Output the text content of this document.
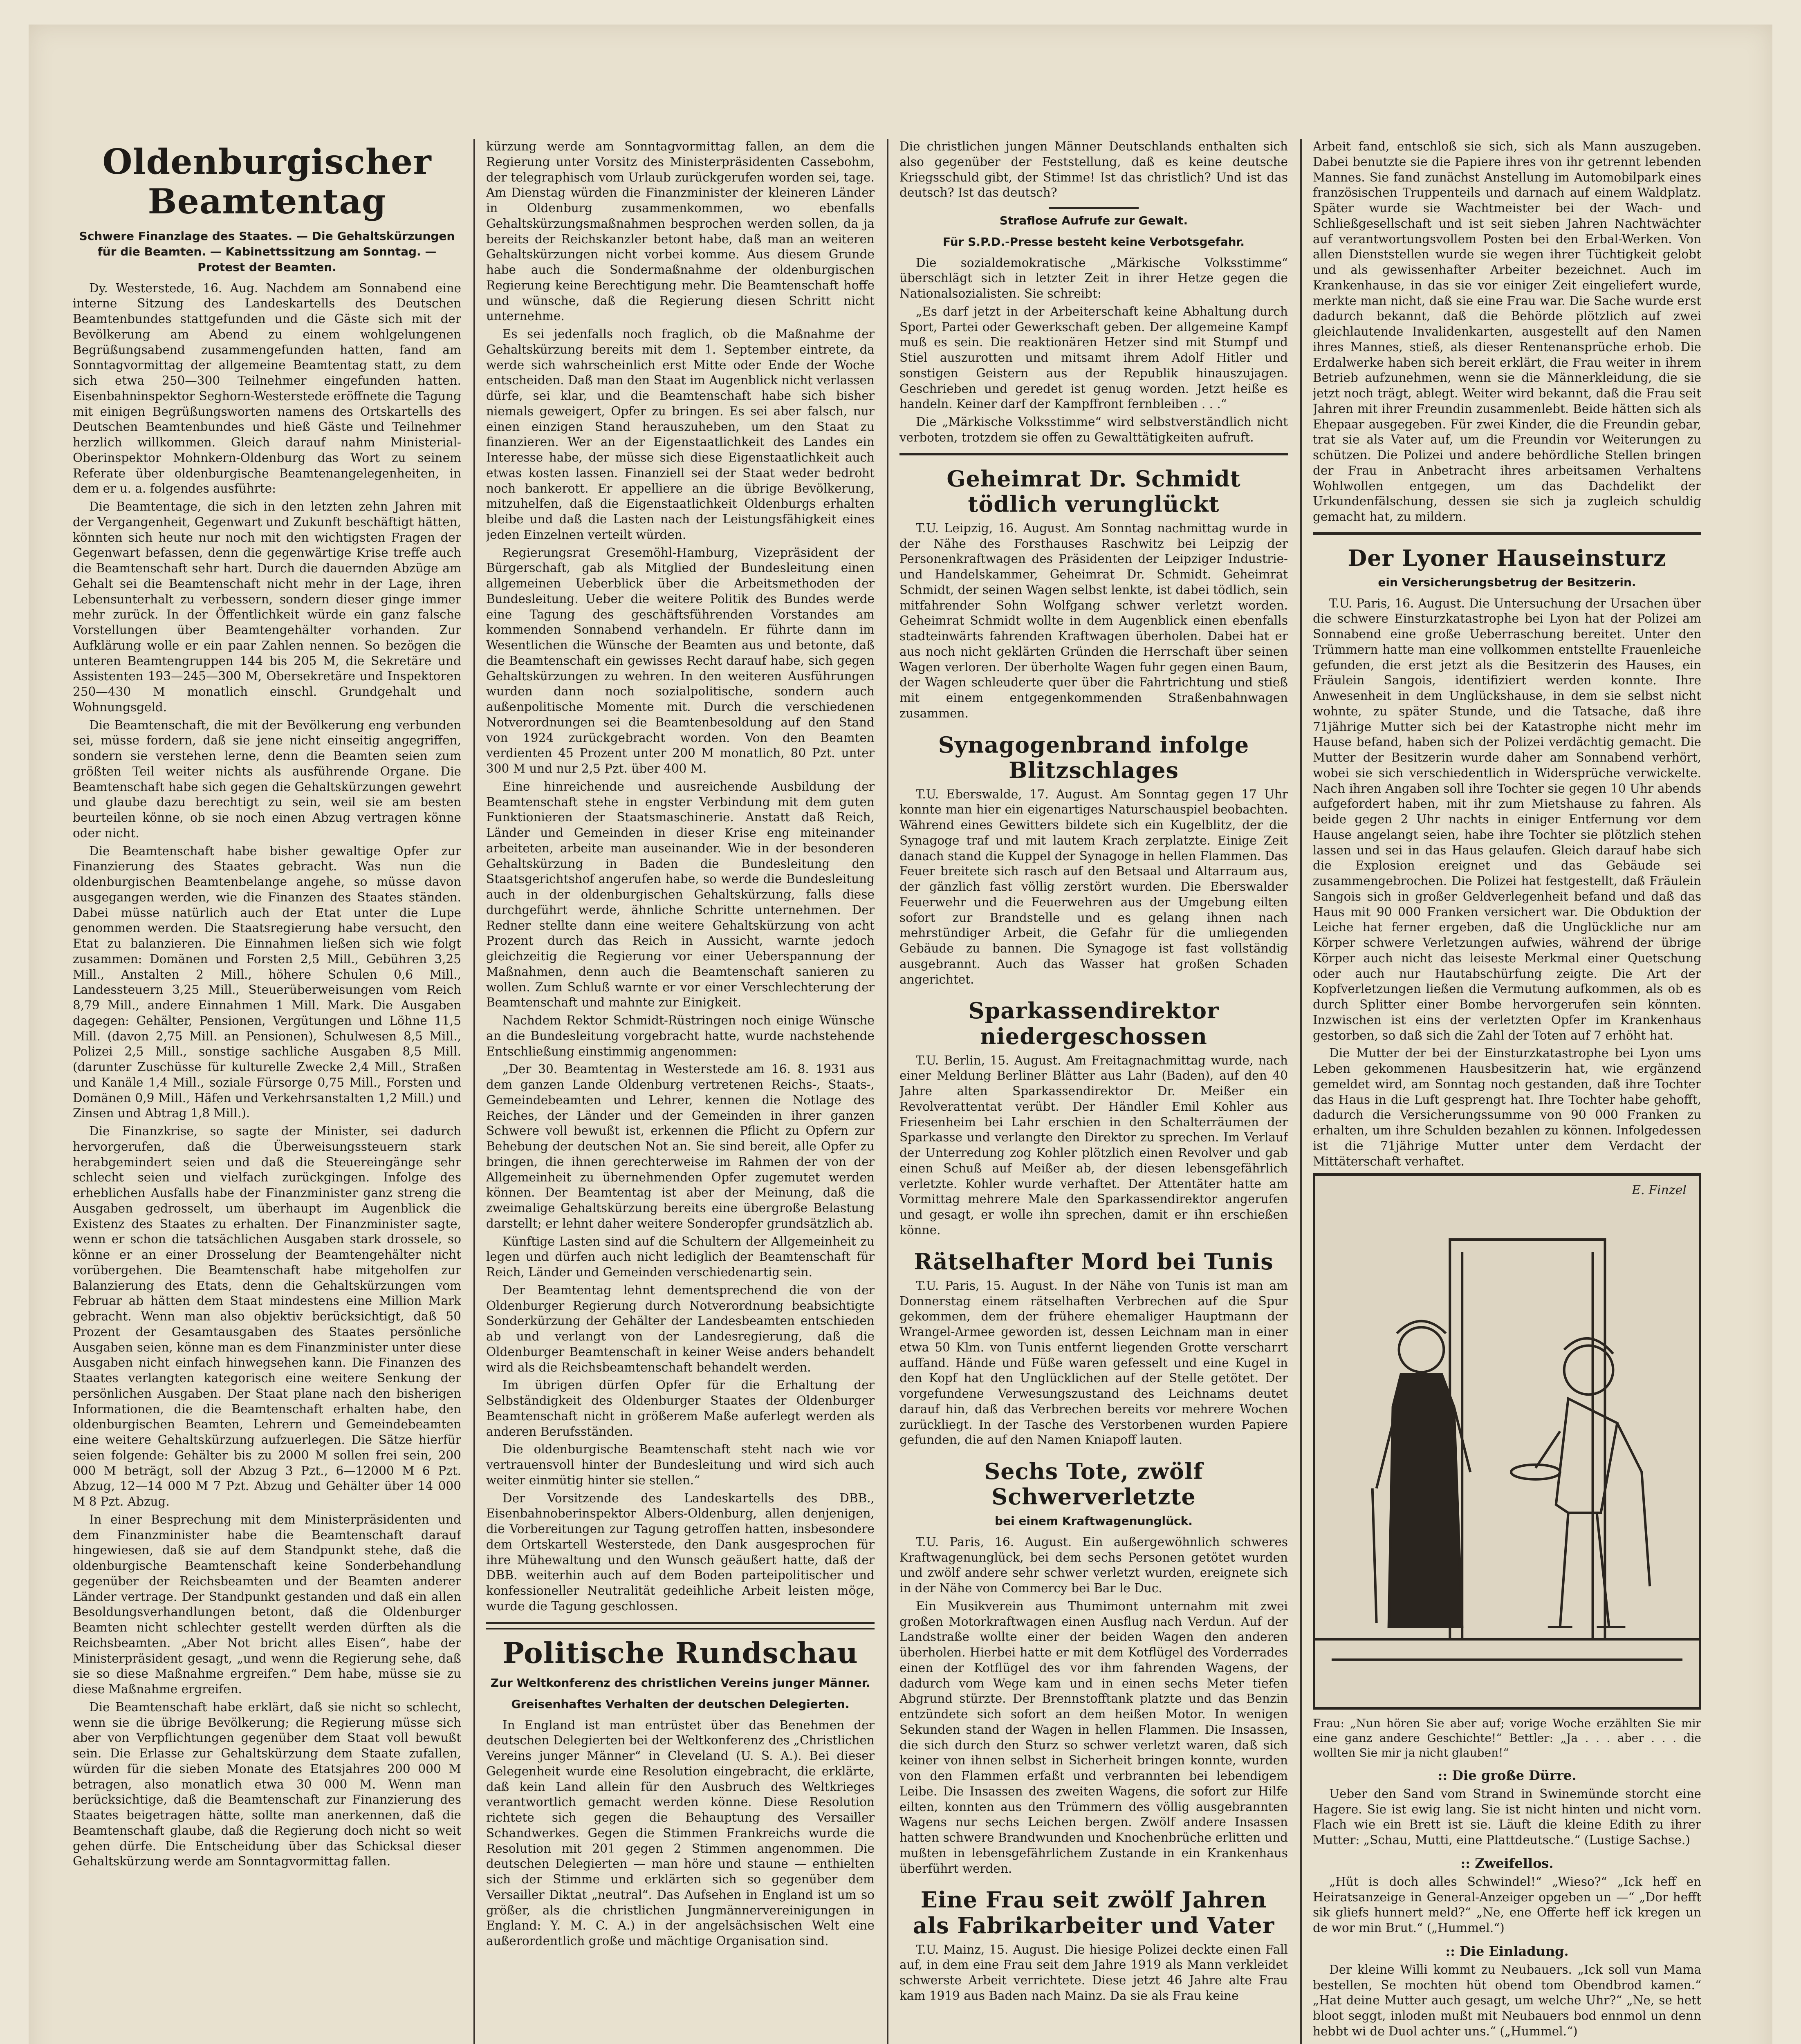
Oldenburgischer Beamtentag
Schwere Finanzlage des Staates. — Die Gehaltskürzungen für die Beamten. — Kabinettssitzung am Sonntag. — Protest der Beamten.

Dy. Westerstede, 16. Aug. Nachdem am Sonnabend eine interne Sitzung des Landeskartells des Deutschen Beamtenbundes stattgefunden und die Gäste sich mit der Bevölkerung am Abend zu einem wohlgelungenen Begrüßungsabend zusammengefunden hatten, fand am Sonntagvormittag der allgemeine Beamtentag statt, zu dem sich etwa 250—300 Teilnehmer eingefunden hatten. Eisenbahninspektor Seghorn-Westerstede eröffnete die Tagung mit einigen Begrüßungsworten namens des Ortskartells des Deutschen Beamtenbundes und hieß Gäste und Teilnehmer herzlich willkommen. Gleich darauf nahm Ministerial-Oberinspektor Mohnkern-Oldenburg das Wort zu seinem Referate über oldenburgische Beamtenangelegenheiten, in dem er u. a. folgendes ausführte:

Die Beamtentage, die sich in den letzten zehn Jahren mit der Vergangenheit, Gegenwart und Zukunft beschäftigt hätten, könnten sich heute nur noch mit den wichtigsten Fragen der Gegenwart befassen, denn die gegenwärtige Krise treffe auch die Beamtenschaft sehr hart. Durch die dauernden Abzüge am Gehalt sei die Beamtenschaft nicht mehr in der Lage, ihren Lebensunterhalt zu verbessern, sondern dieser ginge immer mehr zurück. In der Öffentlichkeit würde ein ganz falsche Vorstellungen über Beamtengehälter vorhanden. Zur Aufklärung wolle er ein paar Zahlen nennen. So bezögen die unteren Beamtengruppen 144 bis 205 M, die Sekretäre und Assistenten 193—245—300 M, Obersekretäre und Inspektoren 250—430 M monatlich einschl. Grundgehalt und Wohnungsgeld.

Die Beamtenschaft, die mit der Bevölkerung eng verbunden sei, müsse fordern, daß sie jene nicht einseitig angegriffen, sondern sie verstehen lerne, denn die Beamten seien zum größten Teil weiter nichts als ausführende Organe. Die Beamtenschaft habe sich gegen die Gehaltskürzungen gewehrt und glaube dazu berechtigt zu sein, weil sie am besten beurteilen könne, ob sie noch einen Abzug vertragen könne oder nicht.

Die Beamtenschaft habe bisher gewaltige Opfer zur Finanzierung des Staates gebracht. Was nun die oldenburgischen Beamtenbelange angehe, so müsse davon ausgegangen werden, wie die Finanzen des Staates ständen. Dabei müsse natürlich auch der Etat unter die Lupe genommen werden. Die Staatsregierung habe versucht, den Etat zu balanzieren. Die Einnahmen ließen sich wie folgt zusammen: Domänen und Forsten 2,5 Mill., Gebühren 3,25 Mill., Anstalten 2 Mill., höhere Schulen 0,6 Mill., Landessteuern 3,25 Mill., Steuerüberweisungen vom Reich 8,79 Mill., andere Einnahmen 1 Mill. Mark. Die Ausgaben dagegen: Gehälter, Pensionen, Vergütungen und Löhne 11,5 Mill. (davon 2,75 Mill. an Pensionen), Schulwesen 8,5 Mill., Polizei 2,5 Mill., sonstige sachliche Ausgaben 8,5 Mill. (darunter Zuschüsse für kulturelle Zwecke 2,4 Mill., Straßen und Kanäle 1,4 Mill., soziale Fürsorge 0,75 Mill., Forsten und Domänen 0,9 Mill., Häfen und Verkehrsanstalten 1,2 Mill.) und Zinsen und Abtrag 1,8 Mill.).

Die Finanzkrise, so sagte der Minister, sei dadurch hervorgerufen, daß die Überweisungssteuern stark herabgemindert seien und daß die Steuereingänge sehr schlecht seien und vielfach zurückgingen. Infolge des erheblichen Ausfalls habe der Finanzminister ganz streng die Ausgaben gedrosselt, um überhaupt im Augenblick die Existenz des Staates zu erhalten. Der Finanzminister sagte, wenn er schon die tatsächlichen Ausgaben stark drossele, so könne er an einer Drosselung der Beamtengehälter nicht vorübergehen. Die Beamtenschaft habe mitgeholfen zur Balanzierung des Etats, denn die Gehaltskürzungen vom Februar ab hätten dem Staat mindestens eine Million Mark gebracht. Wenn man also objektiv berücksichtigt, daß 50 Prozent der Gesamtausgaben des Staates persönliche Ausgaben seien, könne man es dem Finanzminister unter diese Ausgaben nicht einfach hinwegsehen kann. Die Finanzen des Staates verlangten kategorisch eine weitere Senkung der persönlichen Ausgaben. Der Staat plane nach den bisherigen Informationen, die die Beamtenschaft erhalten habe, den oldenburgischen Beamten, Lehrern und Gemeindebeamten eine weitere Gehaltskürzung aufzuerlegen. Die Sätze hierfür seien folgende: Gehälter bis zu 2000 M sollen frei sein, 200 000 M beträgt, soll der Abzug 3 Pzt., 6—12000 M 6 Pzt. Abzug, 12—14 000 M 7 Pzt. Abzug und Gehälter über 14 000 M 8 Pzt. Abzug.

In einer Besprechung mit dem Ministerpräsidenten und dem Finanzminister habe die Beamtenschaft darauf hingewiesen, daß sie auf dem Standpunkt stehe, daß die oldenburgische Beamtenschaft keine Sonderbehandlung gegenüber der Reichsbeamten und der Beamten anderer Länder vertrage. Der Standpunkt gestanden und daß ein allen Besoldungsverhandlungen betont, daß die Oldenburger Beamten nicht schlechter gestellt werden dürften als die Reichsbeamten. „Aber Not bricht alles Eisen“, habe der Ministerpräsident gesagt, „und wenn die Regierung sehe, daß sie so diese Maßnahme ergreifen.“ Dem habe, müsse sie zu diese Maßnahme ergreifen.

Die Beamtenschaft habe erklärt, daß sie nicht so schlecht, wenn sie die übrige Bevölkerung; die Regierung müsse sich aber von Verpflichtungen gegenüber dem Staat voll bewußt sein. Die Erlasse zur Gehaltskürzung dem Staate zufallen, würden für die sieben Monate des Etatsjahres 200 000 M betragen, also monatlich etwa 30 000 M. Wenn man berücksichtige, daß die Beamtenschaft zur Finanzierung des Staates beigetragen hätte, sollte man anerkennen, daß die Beamtenschaft glaube, daß die Regierung doch nicht so weit gehen dürfe. Die Entscheidung über das Schicksal dieser Gehaltskürzung werde am Sonntagvormittag fallen.

kürzung werde am Sonntagvormittag fallen, an dem die Regierung unter Vorsitz des Ministerpräsidenten Cassebohm, der telegraphisch vom Urlaub zurückgerufen worden sei, tage. Am Dienstag würden die Finanzminister der kleineren Länder in Oldenburg zusammenkommen, wo ebenfalls Gehaltskürzungsmaßnahmen besprochen werden sollen, da ja bereits der Reichskanzler betont habe, daß man an weiteren Gehaltskürzungen nicht vorbei komme. Aus diesem Grunde habe auch die Sondermaßnahme der oldenburgischen Regierung keine Berechtigung mehr. Die Beamtenschaft hoffe und wünsche, daß die Regierung diesen Schritt nicht unternehme.

Es sei jedenfalls noch fraglich, ob die Maßnahme der Gehaltskürzung bereits mit dem 1. September eintrete, da werde sich wahrscheinlich erst Mitte oder Ende der Woche entscheiden. Daß man den Staat im Augenblick nicht verlassen dürfe, sei klar, und die Beamtenschaft habe sich bisher niemals geweigert, Opfer zu bringen. Es sei aber falsch, nur einen einzigen Stand herauszuheben, um den Staat zu finanzieren. Wer an der Eigenstaatlichkeit des Landes ein Interesse habe, der müsse sich diese Eigenstaatlichkeit auch etwas kosten lassen. Finanziell sei der Staat weder bedroht noch bankerott. Er appelliere an die übrige Bevölkerung, mitzuhelfen, daß die Eigenstaatlichkeit Oldenburgs erhalten bleibe und daß die Lasten nach der Leistungsfähigkeit eines jeden Einzelnen verteilt würden.

Regierungsrat Gresemöhl-Hamburg, Vizepräsident der Bürgerschaft, gab als Mitglied der Bundesleitung einen allgemeinen Ueberblick über die Arbeitsmethoden der Bundesleitung. Ueber die weitere Politik des Bundes werde eine Tagung des geschäftsführenden Vorstandes am kommenden Sonnabend verhandeln. Er führte dann im Wesentlichen die Wünsche der Beamten aus und betonte, daß die Beamtenschaft ein gewisses Recht darauf habe, sich gegen Gehaltskürzungen zu wehren. In den weiteren Ausführungen wurden dann noch sozialpolitische, sondern auch außenpolitische Momente mit. Durch die verschiedenen Notverordnungen sei die Beamtenbesoldung auf den Stand von 1924 zurückgebracht worden. Von den Beamten verdienten 45 Prozent unter 200 M monatlich, 80 Pzt. unter 300 M und nur 2,5 Pzt. über 400 M.

Eine hinreichende und ausreichende Ausbildung der Beamtenschaft stehe in engster Verbindung mit dem guten Funktionieren der Staatsmaschinerie. Anstatt daß Reich, Länder und Gemeinden in dieser Krise eng miteinander arbeiteten, arbeite man auseinander. Wie in der besonderen Gehaltskürzung in Baden die Bundesleitung den Staatsgerichtshof angerufen habe, so werde die Bundesleitung auch in der oldenburgischen Gehaltskürzung, falls diese durchgeführt werde, ähnliche Schritte unternehmen. Der Redner stellte dann eine weitere Gehaltskürzung von acht Prozent durch das Reich in Aussicht, warnte jedoch gleichzeitig die Regierung vor einer Ueberspannung der Maßnahmen, denn auch die Beamtenschaft sanieren zu wollen. Zum Schluß warnte er vor einer Verschlechterung der Beamtenschaft und mahnte zur Einigkeit.

Nachdem Rektor Schmidt-Rüstringen noch einige Wünsche an die Bundesleitung vorgebracht hatte, wurde nachstehende Entschließung einstimmig angenommen:

„Der 30. Beamtentag in Westerstede am 16. 8. 1931 aus dem ganzen Lande Oldenburg vertretenen Reichs-, Staats-, Gemeindebeamten und Lehrer, kennen die Notlage des Reiches, der Länder und der Gemeinden in ihrer ganzen Schwere voll bewußt ist, erkennen die Pflicht zu Opfern zur Behebung der deutschen Not an. Sie sind bereit, alle Opfer zu bringen, die ihnen gerechterweise im Rahmen der von der Allgemeinheit zu übernehmenden Opfer zugemutet werden können. Der Beamtentag ist aber der Meinung, daß die zweimalige Gehaltskürzung bereits eine übergroße Belastung darstellt; er lehnt daher weitere Sonderopfer grundsätzlich ab.

Künftige Lasten sind auf die Schultern der Allgemeinheit zu legen und dürfen auch nicht lediglich der Beamtenschaft für Reich, Länder und Gemeinden verschiedenartig sein.

Der Beamtentag lehnt dementsprechend die von der Oldenburger Regierung durch Notverordnung beabsichtigte Sonderkürzung der Gehälter der Landesbeamten entschieden ab und verlangt von der Landesregierung, daß die Oldenburger Beamtenschaft in keiner Weise anders behandelt wird als die Reichsbeamtenschaft behandelt werden.

Im übrigen dürfen Opfer für die Erhaltung der Selbständigkeit des Oldenburger Staates der Oldenburger Beamtenschaft nicht in größerem Maße auferlegt werden als anderen Berufsständen.

Die oldenburgische Beamtenschaft steht nach wie vor vertrauensvoll hinter der Bundesleitung und wird sich auch weiter einmütig hinter sie stellen.“

Der Vorsitzende des Landeskartells des DBB., Eisenbahnoberinspektor Albers-Oldenburg, allen denjenigen, die Vorbereitungen zur Tagung getroffen hatten, insbesondere dem Ortskartell Westerstede, den Dank ausgesprochen für ihre Mühewaltung und den Wunsch geäußert hatte, daß der DBB. weiterhin auch auf dem Boden parteipolitischer und konfessioneller Neutralität gedeihliche Arbeit leisten möge, wurde die Tagung geschlossen.

Politische Rundschau
Zur Weltkonferenz des christlichen Vereins junger Männer.
Greisenhaftes Verhalten der deutschen Delegierten.

In England ist man entrüstet über das Benehmen der deutschen Delegierten bei der Weltkonferenz des „Christlichen Vereins junger Männer“ in Cleveland (U. S. A.). Bei dieser Gelegenheit wurde eine Resolution eingebracht, die erklärte, daß kein Land allein für den Ausbruch des Weltkrieges verantwortlich gemacht werden könne. Diese Resolution richtete sich gegen die Behauptung des Versailler Schandwerkes. Gegen die Stimmen Frankreichs wurde die Resolution mit 201 gegen 2 Stimmen angenommen. Die deutschen Delegierten — man höre und staune — enthielten sich der Stimme und erklärten sich so gegenüber dem Versailler Diktat „neutral“. Das Aufsehen in England ist um so größer, als die christlichen Jungmännervereinigungen in England: Y. M. C. A.) in der angelsächsischen Welt eine außerordentlich große und mächtige Organisation sind.

Die christlichen jungen Männer Deutschlands enthalten sich also gegenüber der Feststellung, daß es keine deutsche Kriegsschuld gibt, der Stimme! Ist das christlich? Und ist das deutsch? Ist das deutsch?

Straflose Aufrufe zur Gewalt.
Für S.P.D.-Presse besteht keine Verbotsgefahr.

Die sozialdemokratische „Märkische Volksstimme“ überschlägt sich in letzter Zeit in ihrer Hetze gegen die Nationalsozialisten. Sie schreibt:

„Es darf jetzt in der Arbeiterschaft keine Abhaltung durch Sport, Partei oder Gewerkschaft geben. Der allgemeine Kampf muß es sein. Die reaktionären Hetzer sind mit Stumpf und Stiel auszurotten und mitsamt ihrem Adolf Hitler und sonstigen Geistern aus der Republik hinauszujagen. Geschrieben und geredet ist genug worden. Jetzt heiße es handeln. Keiner darf der Kampffront fernbleiben . . .“

Die „Märkische Volksstimme“ wird selbstverständlich nicht verboten, trotzdem sie offen zu Gewalttätigkeiten aufruft.

Geheimrat Dr. Schmidt tödlich verunglückt

T.U. Leipzig, 16. August. Am Sonntag nachmittag wurde in der Nähe des Forsthauses Raschwitz bei Leipzig der Personenkraftwagen des Präsidenten der Leipziger Industrie- und Handelskammer, Geheimrat Dr. Schmidt. Geheimrat Schmidt, der seinen Wagen selbst lenkte, ist dabei tödlich, sein mitfahrender Sohn Wolfgang schwer verletzt worden. Geheimrat Schmidt wollte in dem Augenblick einen ebenfalls stadteinwärts fahrenden Kraftwagen überholen. Dabei hat er aus noch nicht geklärten Gründen die Herrschaft über seinen Wagen verloren. Der überholte Wagen fuhr gegen einen Baum, der Wagen schleuderte quer über die Fahrtrichtung und stieß mit einem entgegenkommenden Straßenbahnwagen zusammen.

Synagogenbrand infolge Blitzschlages

T.U. Eberswalde, 17. August. Am Sonntag gegen 17 Uhr konnte man hier ein eigenartiges Naturschauspiel beobachten. Während eines Gewitters bildete sich ein Kugelblitz, der die Synagoge traf und mit lautem Krach zerplatzte. Einige Zeit danach stand die Kuppel der Synagoge in hellen Flammen. Das Feuer breitete sich rasch auf den Betsaal und Altarraum aus, der gänzlich fast völlig zerstört wurden. Die Eberswalder Feuerwehr und die Feuerwehren aus der Umgebung eilten sofort zur Brandstelle und es gelang ihnen nach mehrstündiger Arbeit, die Gefahr für die umliegenden Gebäude zu bannen. Die Synagoge ist fast vollständig ausgebrannt. Auch das Wasser hat großen Schaden angerichtet.

Sparkassendirektor niedergeschossen

T.U. Berlin, 15. August. Am Freitagnachmittag wurde, nach einer Meldung Berliner Blätter aus Lahr (Baden), auf den 40 Jahre alten Sparkassendirektor Dr. Meißer ein Revolverattentat verübt. Der Händler Emil Kohler aus Friesenheim bei Lahr erschien in den Schalterräumen der Sparkasse und verlangte den Direktor zu sprechen. Im Verlauf der Unterredung zog Kohler plötzlich einen Revolver und gab einen Schuß auf Meißer ab, der diesen lebensgefährlich verletzte. Kohler wurde verhaftet. Der Attentäter hatte am Vormittag mehrere Male den Sparkassendirektor angerufen und gesagt, er wolle ihn sprechen, damit er ihn erschießen könne.

Rätselhafter Mord bei Tunis

T.U. Paris, 15. August. In der Nähe von Tunis ist man am Donnerstag einem rätselhaften Verbrechen auf die Spur gekommen, dem der frühere ehemaliger Hauptmann der Wrangel-Armee geworden ist, dessen Leichnam man in einer etwa 50 Klm. von Tunis entfernt liegenden Grotte verscharrt auffand. Hände und Füße waren gefesselt und eine Kugel in den Kopf hat den Unglücklichen auf der Stelle getötet. Der vorgefundene Verwesungszustand des Leichnams deutet darauf hin, daß das Verbrechen bereits vor mehrere Wochen zurückliegt. In der Tasche des Verstorbenen wurden Papiere gefunden, die auf den Namen Kniapoff lauten.

Sechs Tote, zwölf Schwerverletzte
bei einem Kraftwagenunglück.

T.U. Paris, 16. August. Ein außergewöhnlich schweres Kraftwagenunglück, bei dem sechs Personen getötet wurden und zwölf andere sehr schwer verletzt wurden, ereignete sich in der Nähe von Commercy bei Bar le Duc.

Ein Musikverein aus Thumimont unternahm mit zwei großen Motorkraftwagen einen Ausflug nach Verdun. Auf der Landstraße wollte einer der beiden Wagen den anderen überholen. Hierbei hatte er mit dem Kotflügel des Vorderrades einen der Kotflügel des vor ihm fahrenden Wagens, der dadurch vom Wege kam und in einen sechs Meter tiefen Abgrund stürzte. Der Brennstofftank platzte und das Benzin entzündete sich sofort an dem heißen Motor. In wenigen Sekunden stand der Wagen in hellen Flammen. Die Insassen, die sich durch den Sturz so schwer verletzt waren, daß sich keiner von ihnen selbst in Sicherheit bringen konnte, wurden von den Flammen erfaßt und verbrannten bei lebendigem Leibe. Die Insassen des zweiten Wagens, die sofort zur Hilfe eilten, konnten aus den Trümmern des völlig ausgebrannten Wagens nur sechs Leichen bergen. Zwölf andere Insassen hatten schwere Brandwunden und Knochenbrüche erlitten und mußten in lebensgefährlichem Zustande in ein Krankenhaus überführt werden.

Eine Frau seit zwölf Jahren als Fabrikarbeiter und Vater

T.U. Mainz, 15. August. Die hiesige Polizei deckte einen Fall auf, in dem eine Frau seit dem Jahre 1919 als Mann verkleidet schwerste Arbeit verrichtete. Diese jetzt 46 Jahre alte Frau kam 1919 aus Baden nach Mainz. Da sie als Frau keine

Arbeit fand, entschloß sie sich, sich als Mann auszugeben. Dabei benutzte sie die Papiere ihres von ihr getrennt lebenden Mannes. Sie fand zunächst Anstellung im Automobilpark eines französischen Truppenteils und darnach auf einem Waldplatz. Später wurde sie Wachtmeister bei der Wach- und Schließgesellschaft und ist seit sieben Jahren Nachtwächter auf verantwortungsvollem Posten bei den Erbal-Werken. Von allen Dienststellen wurde sie wegen ihrer Tüchtigkeit gelobt und als gewissenhafter Arbeiter bezeichnet. Auch im Krankenhause, in das sie vor einiger Zeit eingeliefert wurde, merkte man nicht, daß sie eine Frau war. Die Sache wurde erst dadurch bekannt, daß die Behörde plötzlich auf zwei gleichlautende Invalidenkarten, ausgestellt auf den Namen ihres Mannes, stieß, als dieser Rentenansprüche erhob. Die Erdalwerke haben sich bereit erklärt, die Frau weiter in ihrem Betrieb aufzunehmen, wenn sie die Männerkleidung, die sie jetzt noch trägt, ablegt. Weiter wird bekannt, daß die Frau seit Jahren mit ihrer Freundin zusammenlebt. Beide hätten sich als Ehepaar ausgegeben. Für zwei Kinder, die die Freundin gebar, trat sie als Vater auf, um die Freundin vor Weiterungen zu schützen. Die Polizei und andere behördliche Stellen bringen der Frau in Anbetracht ihres arbeitsamen Verhaltens Wohlwollen entgegen, um das Dachdelikt der Urkundenfälschung, dessen sie sich ja zugleich schuldig gemacht hat, zu mildern.

Der Lyoner Hauseinsturz
ein Versicherungsbetrug der Besitzerin.

T.U. Paris, 16. August. Die Untersuchung der Ursachen über die schwere Einsturzkatastrophe bei Lyon hat der Polizei am Sonnabend eine große Ueberraschung bereitet. Unter den Trümmern hatte man eine vollkommen entstellte Frauenleiche gefunden, die erst jetzt als die Besitzerin des Hauses, ein Fräulein Sangois, identifiziert werden konnte. Ihre Anwesenheit in dem Unglückshause, in dem sie selbst nicht wohnte, zu später Stunde, und die Tatsache, daß ihre 71jährige Mutter sich bei der Katastrophe nicht mehr im Hause befand, haben sich der Polizei verdächtig gemacht. Die Mutter der Besitzerin wurde daher am Sonnabend verhört, wobei sie sich verschiedentlich in Widersprüche verwickelte. Nach ihren Angaben soll ihre Tochter sie gegen 10 Uhr abends aufgefordert haben, mit ihr zum Mietshause zu fahren. Als beide gegen 2 Uhr nachts in einiger Entfernung vor dem Hause angelangt seien, habe ihre Tochter sie plötzlich stehen lassen und sei in das Haus gelaufen. Gleich darauf habe sich die Explosion ereignet und das Gebäude sei zusammengebrochen. Die Polizei hat festgestellt, daß Fräulein Sangois sich in großer Geldverlegenheit befand und daß das Haus mit 90 000 Franken versichert war. Die Obduktion der Leiche hat ferner ergeben, daß die Unglückliche nur am Körper schwere Verletzungen aufwies, während der übrige Körper auch nicht das leiseste Merkmal einer Quetschung oder auch nur Hautabschürfung zeigte. Die Art der Kopfverletzungen ließen die Vermutung aufkommen, als ob es durch Splitter einer Bombe hervorgerufen sein könnten. Inzwischen ist eins der verletzten Opfer im Krankenhaus gestorben, so daß sich die Zahl der Toten auf 7 erhöht hat.

Die Mutter der bei der Einsturzkatastrophe bei Lyon ums Leben gekommenen Hausbesitzerin hat, wie ergänzend gemeldet wird, am Sonntag noch gestanden, daß ihre Tochter das Haus in die Luft gesprengt hat. Ihre Tochter habe gehofft, dadurch die Versicherungssumme von 90 000 Franken zu erhalten, um ihre Schulden bezahlen zu können. Infolgedessen ist die 71jährige Mutter unter dem Verdacht der Mittäterschaft verhaftet.

E. Finzel

Frau: „Nun hören Sie aber auf; vorige Woche erzählten Sie mir eine ganz andere Geschichte!“ Bettler: „Ja . . . aber . . . die wollten Sie mir ja nicht glauben!“

:: Die große Dürre.

Ueber den Sand vom Strand in Swinemünde storcht eine Hagere. Sie ist ewig lang. Sie ist nicht hinten und nicht vorn. Flach wie ein Brett ist sie. Läuft die kleine Edith zu ihrer Mutter: „Schau, Mutti, eine Plattdeutsche.“ (Lustige Sachse.)

:: Zweifellos.

„Hüt is doch alles Schwindel!“ „Wieso?“ „Ick heff en Heiratsanzeige in General-Anzeiger opgeben un —“ „Dor hefft sik gliefs hunnert meld?“ „Ne, ene Offerte heff ick kregen un de wor min Brut.“ („Hummel.“)

:: Die Einladung.

Der kleine Willi kommt zu Neubauers. „Ick soll vun Mama bestellen, Se mochten hüt obend tom Obendbrod kamen.“ „Hat deine Mutter auch gesagt, um welche Uhr?“ „Ne, se hett bloot seggt, inloden mußt mit Neubauers bod ennmol un denn hebbt wi de Duol achter uns.“ („Hummel.“)
